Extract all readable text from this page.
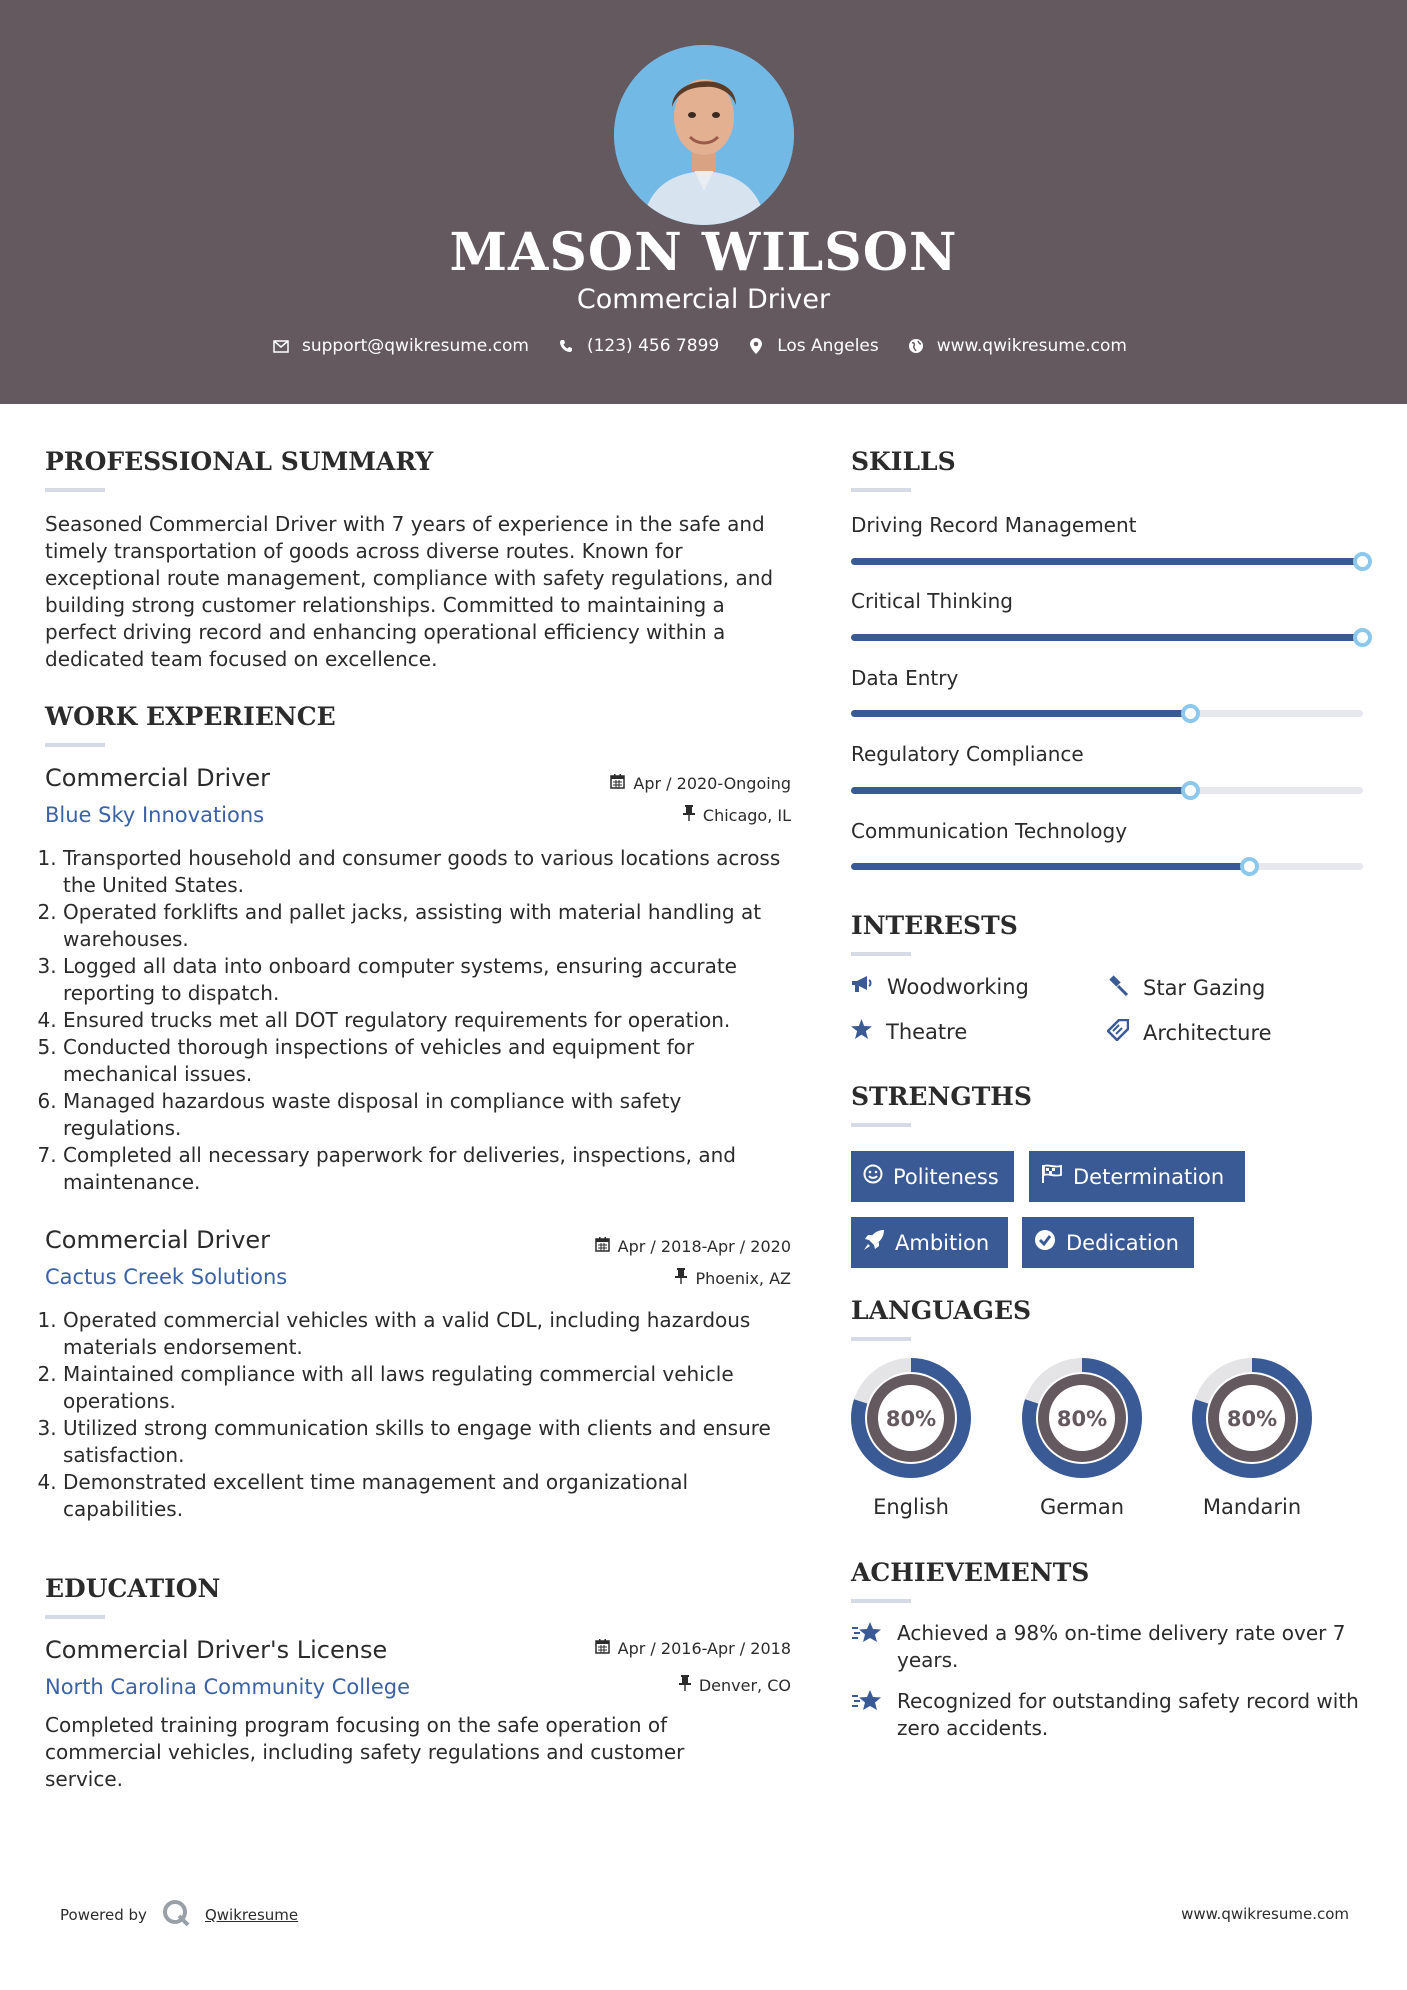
MASON WILSON
Commercial Driver
support@qwikresume.com	(123) 456 7899	Los Angeles	www.qwikresume.com
PROFESSIONAL SUMMARY
Seasoned Commercial Driver with 7 years of experience in the safe and timely transportation of goods across diverse routes. Known for exceptional route management, compliance with safety regulations, and building strong customer relationships. Committed to maintaining a perfect driving record and enhancing operational efficiency within a dedicated team focused on excellence.
WORK EXPERIENCE
Commercial Driver
Blue Sky Innovations
Apr / 2020-Ongoing
Chicago, IL
1. Transported household and consumer goods to various locations across the United States.
2. Operated forklifts and pallet jacks, assisting with material handling at warehouses.
3. Logged all data into onboard computer systems, ensuring accurate reporting to dispatch.
4. Ensured trucks met all DOT regulatory requirements for operation.
5. Conducted thorough inspections of vehicles and equipment for mechanical issues.
6. Managed hazardous waste disposal in compliance with safety regulations.
7. Completed all necessary paperwork for deliveries, inspections, and maintenance.
Commercial Driver
Cactus Creek Solutions
Apr / 2018-Apr / 2020
Phoenix, AZ
1. Operated commercial vehicles with a valid CDL, including hazardous materials endorsement.
2. Maintained compliance with all laws regulating commercial vehicle operations.
3. Utilized strong communication skills to engage with clients and ensure satisfaction.
4. Demonstrated excellent time management and organizational capabilities.
EDUCATION
Commercial Driver's License
North Carolina Community College
Apr / 2016-Apr / 2018
Denver, CO
Completed training program focusing on the safe operation of commercial vehicles, including safety regulations and customer service.
SKILLS
Driving Record Management
Critical Thinking
Data Entry
Regulatory Compliance
Communication Technology
INTERESTS
Woodworking	Star Gazing
Theatre	Architecture
STRENGTHS
Politeness	Determination
Ambition	Dedication
LANGUAGES
80%
English
80%
German
80%
Mandarin
ACHIEVEMENTS
Achieved a 98% on-time delivery rate over 7 years.
Recognized for outstanding safety record with zero accidents.
Powered by	Qwikresume	www.qwikresume.com
